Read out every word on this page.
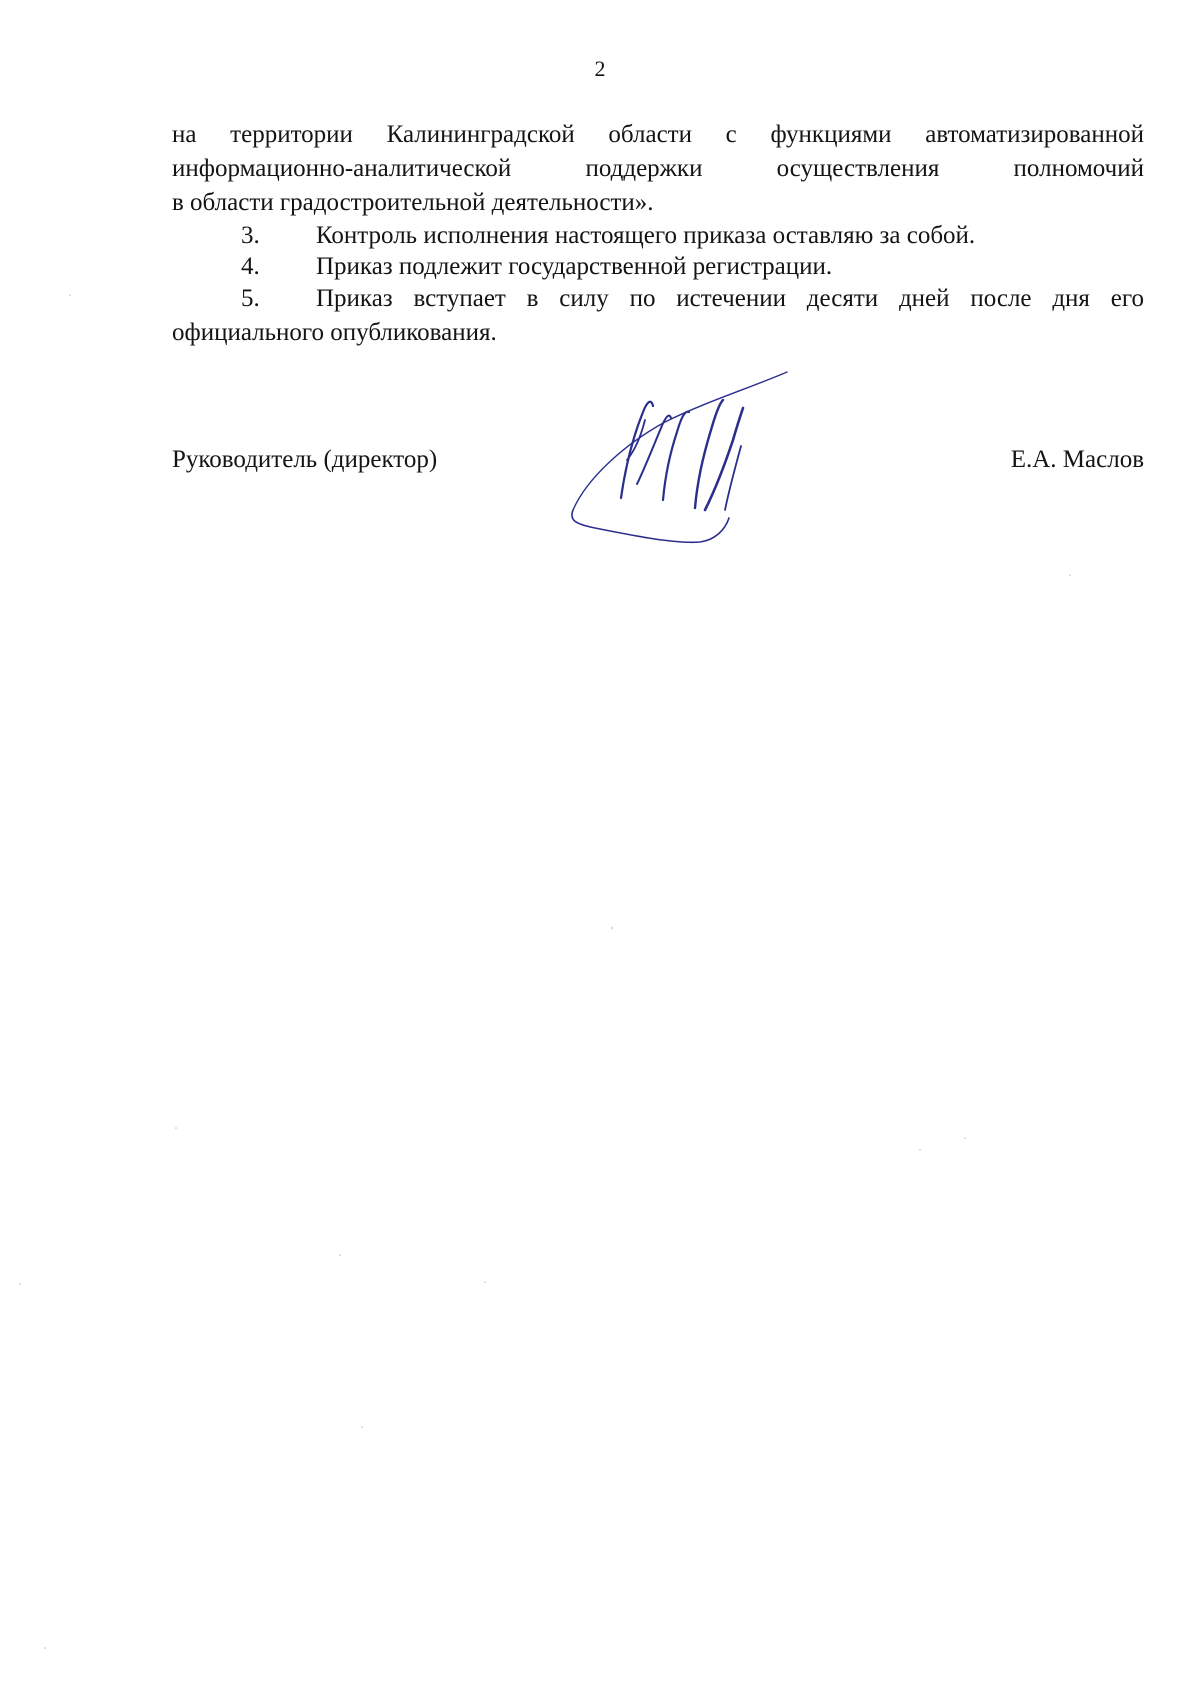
2
на территории Калининградской области с функциями автоматизированной
информационно-аналитической поддержки осуществления полномочий
в области градостроительной деятельности».
3. Контроль исполнения настоящего приказа оставляю за собой.
4. Приказ подлежит государственной регистрации.
5. Приказ вступает в силу по истечении десяти дней после дня его
официального опубликования.
Руководитель (директор)	Е.А. Маслов
